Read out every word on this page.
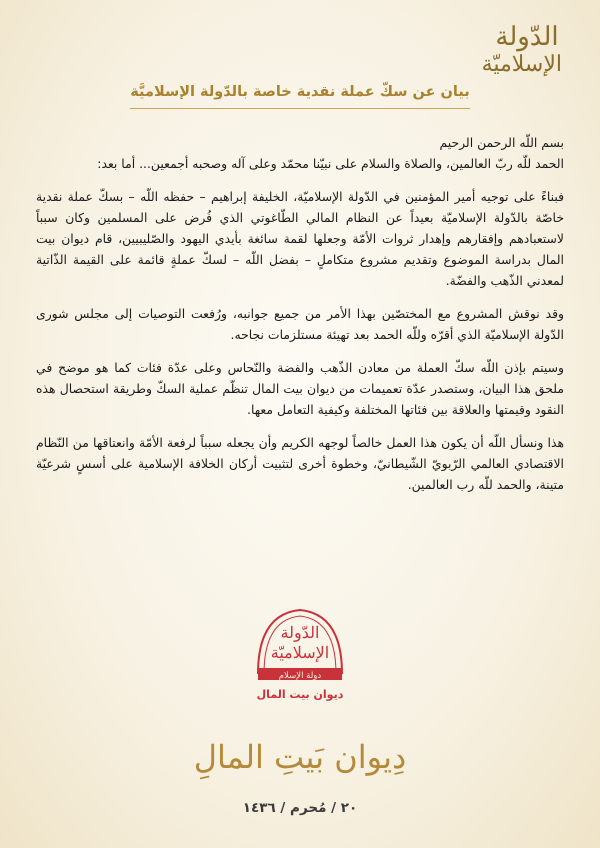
الدّولة
الإسلاميّة
بيان عن سكّ عملة نقدية خاصة بالدّولة الإسلاميَّة

بسم اللّه الرحمن الرحيم

الحمد للّه ربّ العالمين، والصلاة والسلام على نبيّنا محمّد وعلى آله وصحبه أجمعين... أما بعد:

فبناءً على توجيه أمير المؤمنين في الدّولة الإسلاميّة، الخليفة إبراهيم – حفظه اللّه – بسكّ عملة نقدية خاصّة بالدّولة الإسلاميّة بعيداً عن النظام المالي الطّاغوتي الذي فُرض على المسلمين وكان سبباً لاستعبادهم وإفقارهم وإهدار ثروات الأمّة وجعلها لقمة سائغة بأيدي اليهود والصّليبيين، قام ديوان بيت المال بدراسة الموضوع وتقديم مشروع متكاملٍ – بفضل اللّه – لسكّ عملةٍ قائمة على القيمة الذّاتية لمعدني الذّهب والفضّة.

وقد نوقش المشروع مع المختصّين بهذا الأمر من جميع جوانبه، ورُفعت التوصيات إلى مجلس شورى الدّولة الإسلاميّة الذي أقرّه وللّه الحمد بعد تهيئة مستلزمات نجاحه.

وسيتم بإذن اللّه سكّ العملة من معادن الذّهب والفضة والنّحاس وعلى عدّة فئات كما هو موضح في ملحق هذا البيان، وستصدر عدّة تعميمات من ديوان بيت المال تنظّم عملية السكّ وطريقة استحصال هذه النقود وقيمتها والعلاقة بين فئاتها المختلفة وكيفية التعامل معها.

هذا ونسأل اللّه أن يكون هذا العمل خالصاً لوجهه الكريم وأن يجعله سبباً لرفعة الأمّة وانعتاقها من النّظام الاقتصادي العالمي الرّبويّ الشّيطانيّ، وخطوة أخرى لتثبيت أركان الخلافة الإسلامية على أسسٍ شرعيّة متينة، والحمد للّه رب العالمين.

الدّولة
الإسلاميّة
دولة الإسلام
ديوان بيت المال
دِيوان بَيتِ المالِ
٢٠ / مُحرم / ١٤٣٦
